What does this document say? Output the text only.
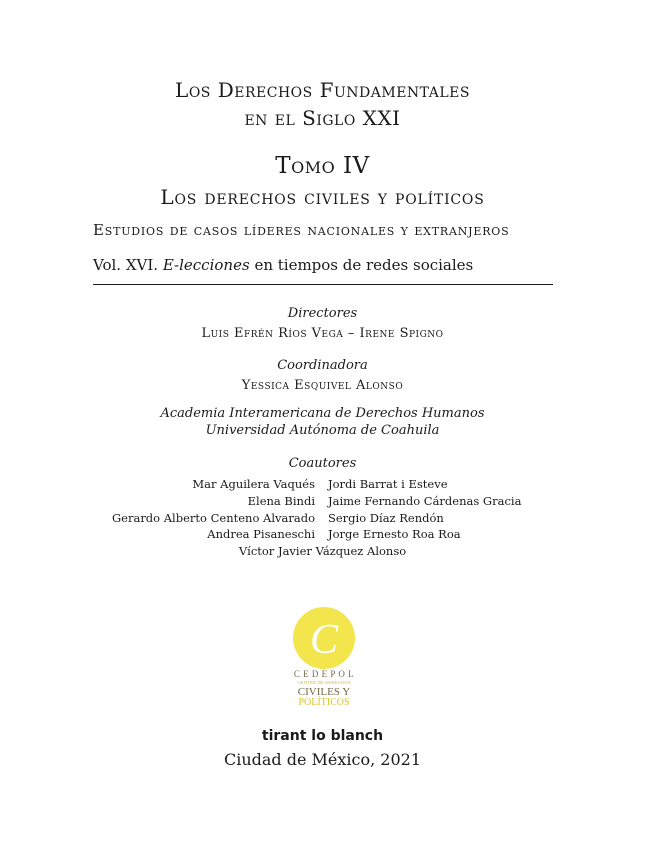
Los Derechos Fundamentales
en el Siglo XXI
Tomo IV
Los derechos civiles y políticos
Estudios de casos líderes nacionales y extranjeros
Vol. XVI. E-lecciones en tiempos de redes sociales
Directores
Luis Efrén Ríos Vega – Irene Spigno
Coordinadora
Yessica Esquivel Alonso
Academia Interamericana de Derechos Humanos
Universidad Autónoma de Coahuila
Coautores
Mar Aguilera Vaqués Jordi Barrat i Esteve
Elena Bindi Jaime Fernando Cárdenas Gracia
Gerardo Alberto Centeno Alvarado Sergio Díaz Rendón
Andrea Pisaneschi Jorge Ernesto Roa Roa
Víctor Javier Vázquez Alonso
C
C E D E P O L
CENTRO DE DERECHOS
CIVILES Y
POLÍTICOS
tirant lo blanch
Ciudad de México, 2021
